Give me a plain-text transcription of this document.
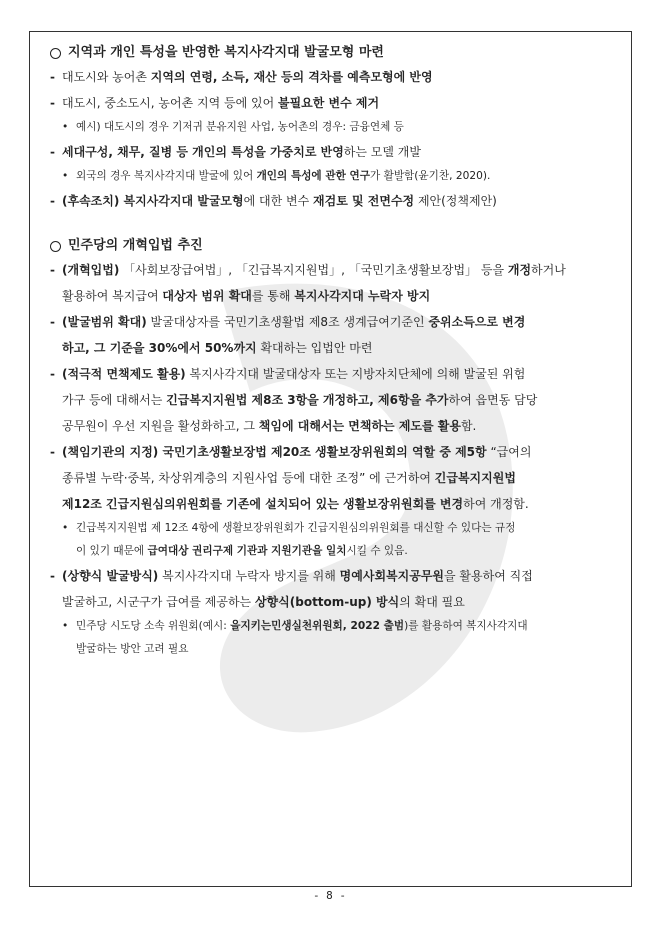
지역과 개인 특성을 반영한 복지사각지대 발굴모형 마련
- 대도시와 농어촌 지역의 연령, 소득, 재산 등의 격차를 예측모형에 반영
- 대도시, 중소도시, 농어촌 지역 등에 있어 불필요한 변수 제거
• 예시) 대도시의 경우 기저귀 분유지원 사업, 농어촌의 경우: 금융연체 등
- 세대구성, 채무, 질병 등 개인의 특성을 가중치로 반영하는 모델 개발
• 외국의 경우 복지사각지대 발굴에 있어 개인의 특성에 관한 연구가 활발함(윤기찬, 2020).
- (후속조치) 복지사각지대 발굴모형에 대한 변수 재검토 및 전면수정 제안(정책제안)
민주당의 개혁입법 추진
- (개혁입법) 「사회보장급여법」, 「긴급복지지원법」, 「국민기초생활보장법」 등을 개정하거나
활용하여 복지급여 대상자 범위 확대를 통해 복지사각지대 누락자 방지
- (발굴범위 확대) 발굴대상자를 국민기초생활법 제8조 생계급여기준인 중위소득으로 변경
하고, 그 기준을 30%에서 50%까지 확대하는 입법안 마련
- (적극적 면책제도 활용) 복지사각지대 발굴대상자 또는 지방자치단체에 의해 발굴된 위험
가구 등에 대해서는 긴급복지지원법 제8조 3항을 개정하고, 제6항을 추가하여 읍면동 담당
공무원이 우선 지원을 활성화하고, 그 책임에 대해서는 면책하는 제도를 활용함.
- (책임기관의 지정) 국민기초생활보장법 제20조 생활보장위원회의 역할 중 제5항 “급여의
종류별 누락·중복, 차상위계층의 지원사업 등에 대한 조정” 에 근거하여 긴급복지지원법
제12조 긴급지원심의위원회를 기존에 설치되어 있는 생활보장위원회를 변경하여 개정함.
• 긴급복지지원법 제 12조 4항에 생활보장위원회가 긴급지원심의위원회를 대신할 수 있다는 규정
이 있기 때문에 급여대상 권리구제 기관과 지원기관을 일치시킬 수 있음.
- (상향식 발굴방식) 복지사각지대 누락자 방지를 위해 명예사회복지공무원을 활용하여 직접
발굴하고, 시군구가 급여를 제공하는 상향식(bottom-up) 방식의 확대 필요
• 민주당 시도당 소속 위원회(예시: 을지키는민생실천위원회, 2022 출범)를 활용하여 복지사각지대
발굴하는 방안 고려 필요
- 8 -
